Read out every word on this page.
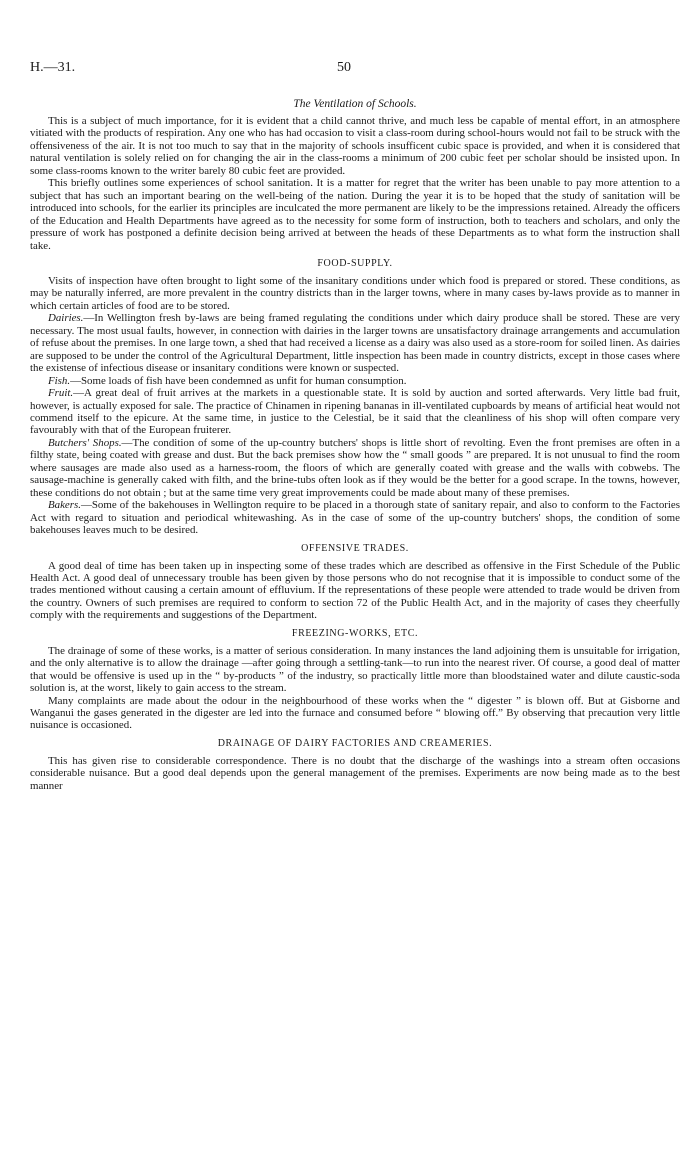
H.—31.	50
The Ventilation of Schools.

This is a subject of much importance, for it is evident that a child cannot thrive, and much less be capable of mental effort, in an atmosphere vitiated with the products of respiration. Any one who has had occasion to visit a class-room during school-hours would not fail to be struck with the offensiveness of the air. It is not too much to say that in the majority of schools insufficent cubic space is provided, and when it is considered that natural ventilation is solely relied on for changing the air in the class-rooms a minimum of 200 cubic feet per scholar should be insisted upon. In some class-rooms known to the writer barely 80 cubic feet are provided.

This briefly outlines some experiences of school sanitation. It is a matter for regret that the writer has been unable to pay more attention to a subject that has such an important bearing on the well-being of the nation. During the year it is to be hoped that the study of sanitation will be introduced into schools, for the earlier its principles are inculcated the more permanent are likely to be the impressions retained. Already the officers of the Education and Health Departments have agreed as to the necessity for some form of instruction, both to teachers and scholars, and only the pressure of work has postponed a definite decision being arrived at between the heads of these Departments as to what form the instruction shall take.

FOOD-SUPPLY.

Visits of inspection have often brought to light some of the insanitary conditions under which food is prepared or stored. These conditions, as may be naturally inferred, are more prevalent in the country districts than in the larger towns, where in many cases by-laws provide as to manner in which certain articles of food are to be stored.

Dairies.—In Wellington fresh by-laws are being framed regulating the conditions under which dairy produce shall be stored. These are very necessary. The most usual faults, however, in connection with dairies in the larger towns are unsatisfactory drainage arrangements and accumulation of refuse about the premises. In one large town, a shed that had received a license as a dairy was also used as a store-room for soiled linen. As dairies are supposed to be under the control of the Agricultural Department, little inspection has been made in country districts, except in those cases where the existense of infectious disease or insanitary conditions were known or suspected.

Fish.—Some loads of fish have been condemned as unfit for human consumption.

Fruit.—A great deal of fruit arrives at the markets in a questionable state. It is sold by auction and sorted afterwards. Very little bad fruit, however, is actually exposed for sale. The practice of Chinamen in ripening bananas in ill-ventilated cupboards by means of artificial heat would not commend itself to the epicure. At the same time, in justice to the Celestial, be it said that the cleanliness of his shop will often compare very favourably with that of the European fruiterer.

Butchers' Shops.—The condition of some of the up-country butchers' shops is little short of revolting. Even the front premises are often in a filthy state, being coated with grease and dust. But the back premises show how the “ small goods ” are prepared. It is not unusual to find the room where sausages are made also used as a harness-room, the floors of which are generally coated with grease and the walls with cobwebs. The sausage-machine is generally caked with filth, and the brine-tubs often look as if they would be the better for a good scrape. In the towns, however, these conditions do not obtain ; but at the same time very great improvements could be made about many of these premises.

Bakers.—Some of the bakehouses in Wellington require to be placed in a thorough state of sanitary repair, and also to conform to the Factories Act with regard to situation and periodical whitewashing. As in the case of some of the up-country butchers' shops, the condition of some bakehouses leaves much to be desired.

OFFENSIVE TRADES.

A good deal of time has been taken up in inspecting some of these trades which are described as offensive in the First Schedule of the Public Health Act. A good deal of unnecessary trouble has been given by those persons who do not recognise that it is impossible to conduct some of the trades mentioned without causing a certain amount of effluvium. If the representations of these people were attended to trade would be driven from the country. Owners of such premises are required to conform to section 72 of the Public Health Act, and in the majority of cases they cheerfully comply with the requirements and suggestions of the Department.

FREEZING-WORKS, ETC.

The drainage of some of these works, is a matter of serious consideration. In many instances the land adjoining them is unsuitable for irrigation, and the only alternative is to allow the drainage —after going through a settling-tank—to run into the nearest river. Of course, a good deal of matter that would be offensive is used up in the “ by-products ” of the industry, so practically little more than bloodstained water and dilute caustic-soda solution is, at the worst, likely to gain access to the stream.

Many complaints are made about the odour in the neighbourhood of these works when the “ digester ” is blown off. But at Gisborne and Wanganui the gases generated in the digester are led into the furnace and consumed before “ blowing off.” By observing that precaution very little nuisance is occasioned.

DRAINAGE OF DAIRY FACTORIES AND CREAMERIES.

This has given rise to considerable correspondence. There is no doubt that the discharge of the washings into a stream often occasions considerable nuisance. But a good deal depends upon the general management of the premises. Experiments are now being made as to the best manner
